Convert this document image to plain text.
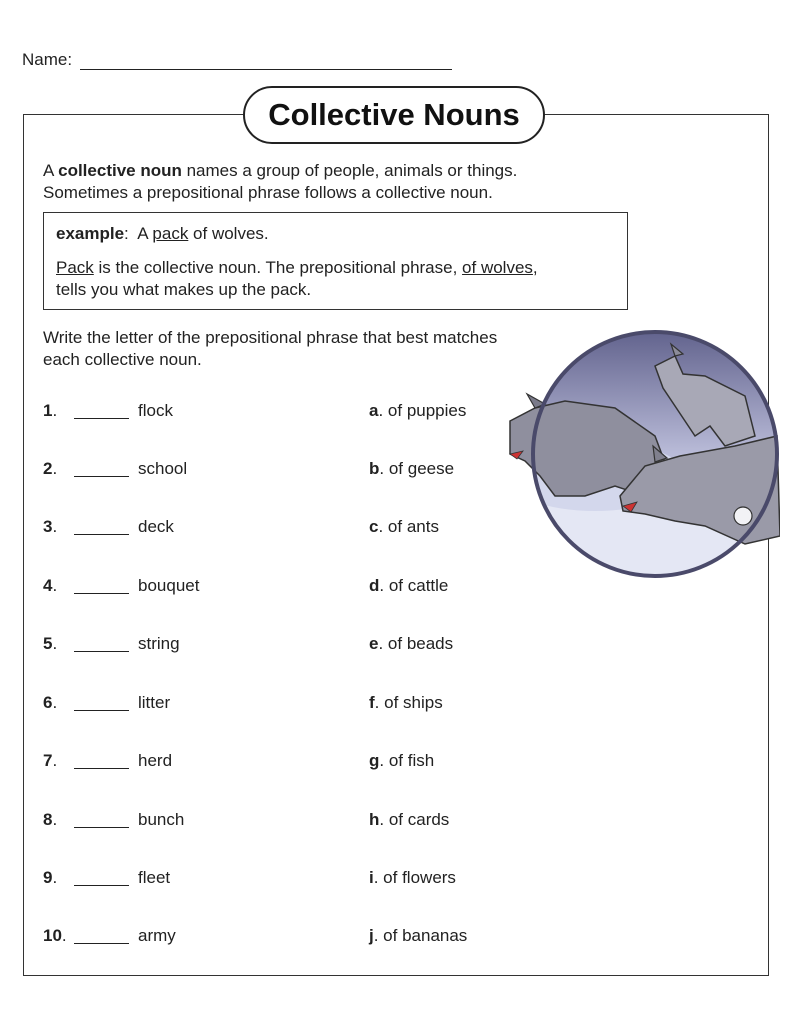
Name:
Collective Nouns
A collective noun names a group of people, animals or things.
Sometimes a prepositional phrase follows a collective noun.

example:  A pack of wolves.

Pack is the collective noun. The prepositional phrase, of wolves,
tells you what makes up the pack.

Write the letter of the prepositional phrase that best matches each collective noun.
1.	flock	a. of puppies
2.	school	b. of geese
3.	deck	c. of ants
4.	bouquet	d. of cattle
5.	string	e. of beads
6.	litter	f. of ships
7.	herd	g. of fish
8.	bunch	h. of cards
9.	fleet	i. of flowers
10.	army	j. of bananas
